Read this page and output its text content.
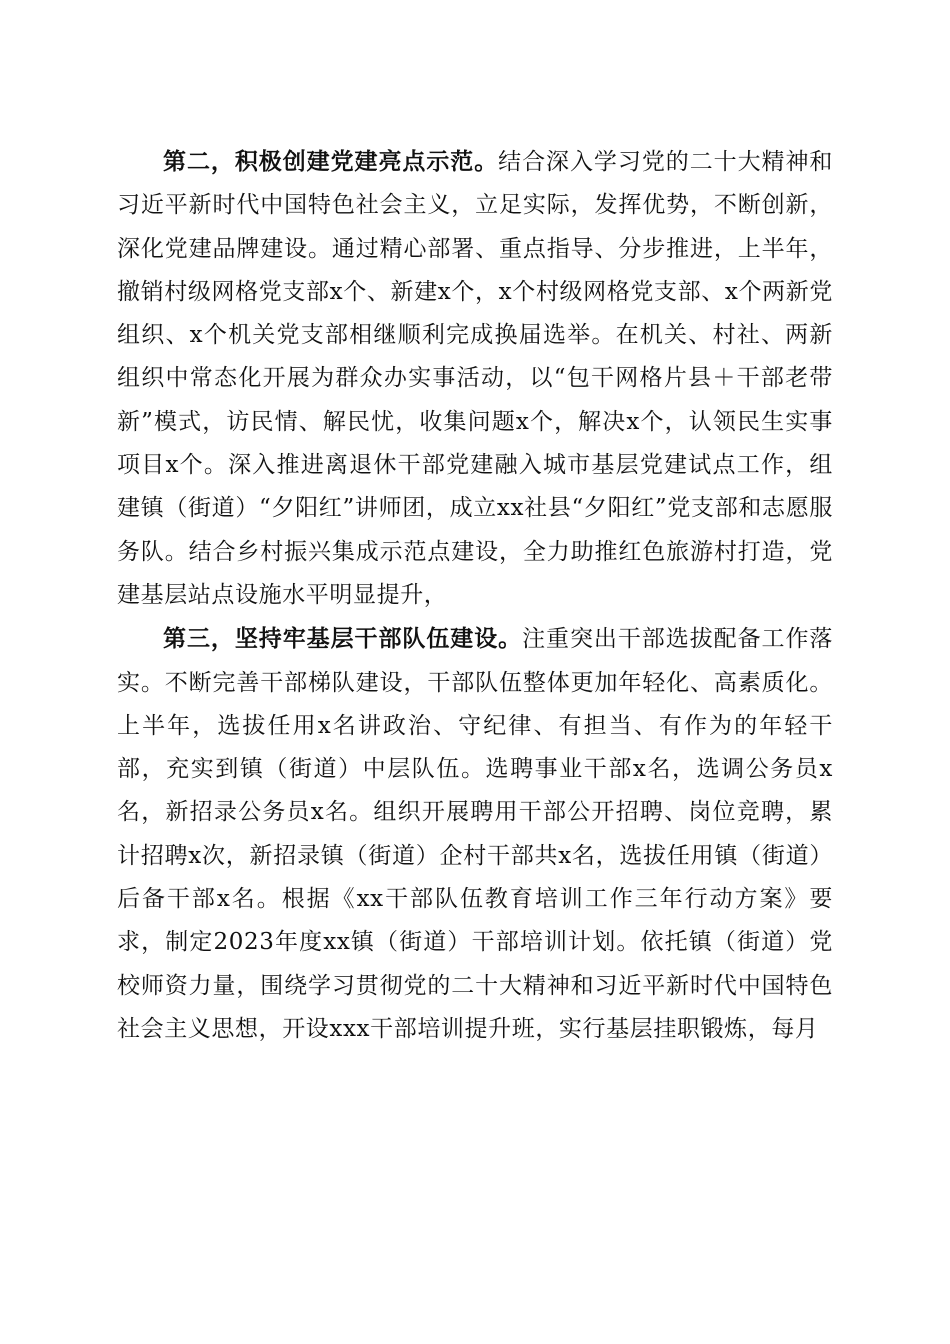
第二，积极创建党建亮点示范。结合深入学习党的二十大精神和习近平新时代中国特色社会主义，立足实际，发挥优势，不断创新，深化党建品牌建设。通过精心部署、重点指导、分步推进，上半年，撤销村级网格党支部x个、新建x个，x个村级网格党支部、x个两新党组织、x个机关党支部相继顺利完成换届选举。在机关、村社、两新组织中常态化开展为群众办实事活动，以“包干网格片县＋干部老带新”模式，访民情、解民忧，收集问题x个，解决x个，认领民生实事项目x个。深入推进离退休干部党建融入城市基层党建试点工作，组建镇（街道）“夕阳红”讲师团，成立xx社县“夕阳红”党支部和志愿服务队。结合乡村振兴集成示范点建设，全力助推红色旅游村打造，党建基层站点设施水平明显提升，

第三，坚持牢基层干部队伍建设。注重突出干部选拔配备工作落实。不断完善干部梯队建设，干部队伍整体更加年轻化、高素质化。上半年，选拔任用x名讲政治、守纪律、有担当、有作为的年轻干部，充实到镇（街道）中层队伍。选聘事业干部x名，选调公务员x名，新招录公务员x名。组织开展聘用干部公开招聘、岗位竞聘，累计招聘x次，新招录镇（街道）企村干部共x名，选拔任用镇（街道）后备干部x名。根据《xx干部队伍教育培训工作三年行动方案》要求，制定2023年度xx镇（街道）干部培训计划。依托镇（街道）党校师资力量，围绕学习贯彻党的二十大精神和习近平新时代中国特色社会主义思想，开设xxx干部培训提升班，实行基层挂职锻炼，每月
